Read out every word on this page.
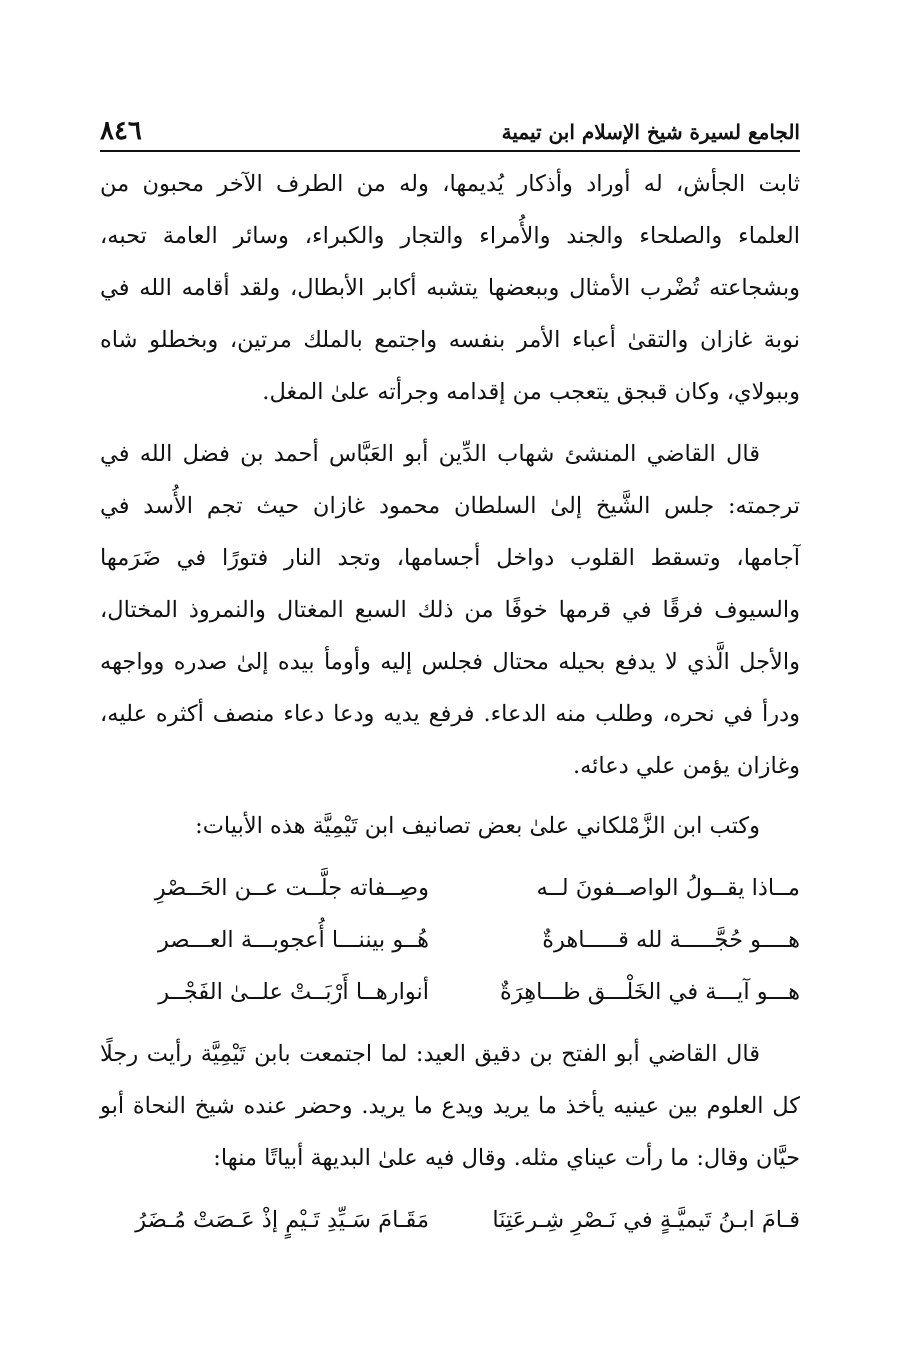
٨٤٦	الجامع لسيرة شيخ الإسلام ابن تيمية

ثابت الجأش، له أوراد وأذكار يُديمها، وله من الطرف الآخر محبون من العلماء والصلحاء والجند والأُمراء والتجار والكبراء، وسائر العامة تحبه، وبشجاعته تُضْرب الأمثال وببعضها يتشبه أكابر الأبطال، ولقد أقامه الله في نوبة غازان والتقىٰ أعباء الأمر بنفسه واجتمع بالملك مرتين، وبخطلو شاه وببولاي، وكان قبجق يتعجب من إقدامه وجرأته علىٰ المغل.

قال القاضي المنشئ شهاب الدِّين أبو العَبَّاس أحمد بن فضل الله في ترجمته: جلس الشَّيخ إلىٰ السلطان محمود غازان حيث تجم الأُسد في آجامها، وتسقط القلوب دواخل أجسامها، وتجد النار فتورًا في ضَرَمها والسيوف فرقًا في قرمها خوفًا من ذلك السبع المغتال والنمروذ المختال، والأجل الَّذي لا يدفع بحيله محتال فجلس إليه وأومأ بيده إلىٰ صدره وواجهه ودرأ في نحره، وطلب منه الدعاء. فرفع يديه ودعا دعاء منصف أكثره عليه، وغازان يؤمن علي دعائه.

وكتب ابن الزَّمْلكاني علىٰ بعض تصانيف ابن تَيْمِيَّة هذه الأبيات:

مــاذا يقــولُ الواصــفونَ لــه
وصِــفاته جلَّــت عــن الحَــصْرِ
هــــو حُجَّـــــة لله قـــــاهرةٌ
هُــو بيننـــا أُعجوبـــة العـــصر
هـــو آيـــة في الخَلْـــق ظـــاهِرَةٌ
أنوارهــا أَرْبَــتْ علــىٰ الفَجْــر

قال القاضي أبو الفتح بن دقيق العيد: لما اجتمعت بابن تَيْمِيَّة رأيت رجلًا كل العلوم بين عينيه يأخذ ما يريد ويدع ما يريد. وحضر عنده شيخ النحاة أبو حيَّان وقال: ما رأت عيناي مثله. وقال فيه علىٰ البديهة أبياتًا منها:

قـامَ ابـنُ تَيميَّـةٍ في نَـصْرِ شِـرعَتِنَا
مَقَـامَ سَـيِّدِ تَـيْمٍ إذْ عَـصَتْ مُـضَرُ
